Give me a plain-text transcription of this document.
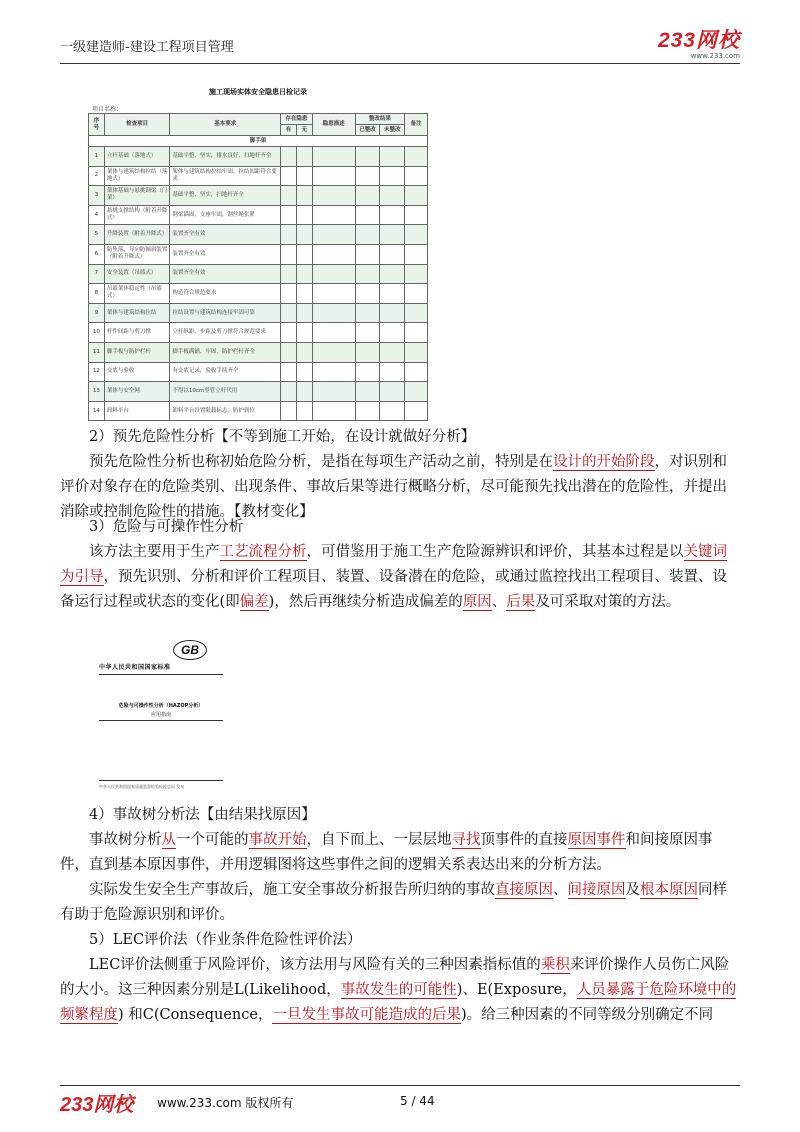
一级建造师-建设工程项目管理	233网校
www.233.com
施工现场实体安全隐患日检记录
项目名称：
序号	检查项目	基本要求	存在隐患		隐患描述	整改结果		备注
			有	无		已整改	未整改	
脚手架								
1	立杆基础（落地式）	基础平整、坚实，排水良好，扫地杆齐全						
2	架体与建筑结构拉结（落地式）	架体与建筑结构拉结牢固，拉结间距符合要求						
3	架体基础与悬挑钢梁（门架）	基础平整、坚实，扫地杆齐全						
4	悬挑支撑结构（附着升降式）	钢梁锚固、支座牢固，钢丝绳张紧						
5	升降装置（附着升降式）	装置齐全有效						
6	防坠落、导向防倾斜装置（附着升降式）	装置齐全有效						
7	安全装置（吊篮式）	装置齐全有效						
8	吊篮架体稳定性（吊篮式）	构造符合规范要求						
9	架体与建筑结构拉结	拉结设置与建筑结构连接牢固可靠						
10	杆件间距与剪刀撑	立杆纵距、步距及剪刀撑符合规范要求						
11	脚手板与防护栏杆	脚手板满铺、牢固，防护栏杆齐全						
12	交底与验收	有交底记录，验收手续齐全						
13	架体与安全网	不得以10cm竖管立杆代用						
14	卸料平台	卸料平台设置限载标志，防护到位						
2）预先危险性分析【不等到施工开始，在设计就做好分析】
预先危险性分析也称初始危险分析，是指在每项生产活动之前，特别是在设计的开始阶段，对识别和评价对象存在的危险类别、出现条件、事故后果等进行概略分析，尽可能预先找出潜在的危险性，并提出消除或控制危险性的措施。【教材变化】
3）危险与可操作性分析
该方法主要用于生产工艺流程分析，可借鉴用于施工生产危险源辨识和评价，其基本过程是以关键词为引导，预先识别、分析和评价工程项目、装置、设备潜在的危险，或通过监控找出工程项目、装置、设备运行过程或状态的变化(即偏差)，然后再继续分析造成偏差的原因、后果及可采取对策的方法。
GB
中华人民共和国国家标准
危险与可操作性分析（HAZOP分析）
应用指南
中华人民共和国国家质量监督检验检疫总局 发布
4）事故树分析法【由结果找原因】
事故树分析从一个可能的事故开始，自下而上、一层层地寻找顶事件的直接原因事件和间接原因事件，直到基本原因事件，并用逻辑图将这些事件之间的逻辑关系表达出来的分析方法。
实际发生安全生产事故后，施工安全事故分析报告所归纳的事故直接原因、间接原因及根本原因同样有助于危险源识别和评价。
5）LEC评价法（作业条件危险性评价法）
LEC评价法侧重于风险评价，该方法用与风险有关的三种因素指标值的乘积来评价操作人员伤亡风险的大小。这三种因素分别是L(Likelihood，事故发生的可能性)、E(Exposure，人员暴露于危险环境中的频繁程度) 和C(Consequence，一旦发生事故可能造成的后果)。给三种因素的不同等级分别确定不同
233网校 www.233.com 版权所有	5 / 44
